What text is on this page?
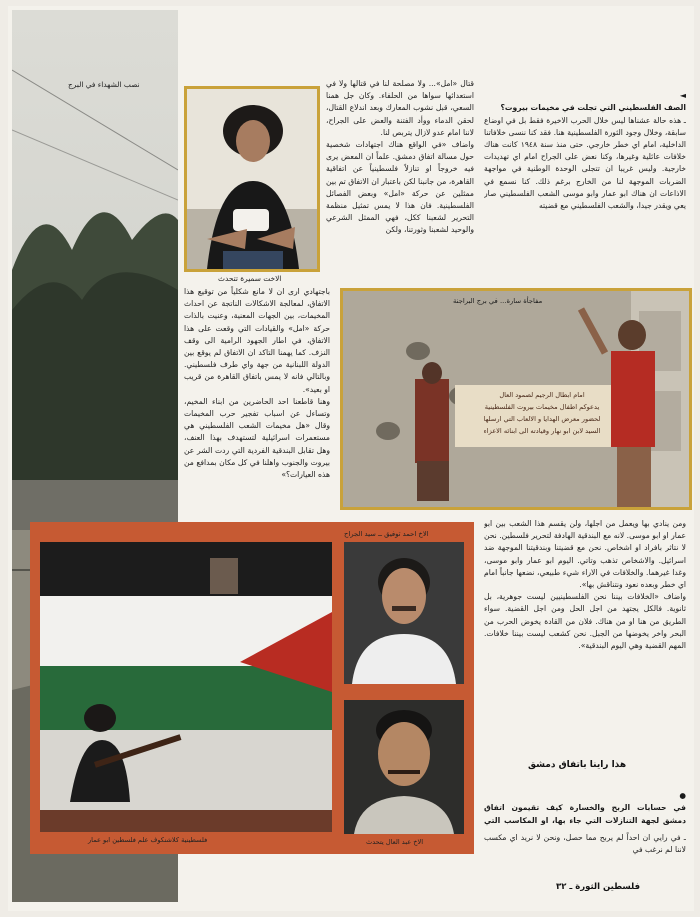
نصب الشهداء في البرج
الاخت سميرة تتحدث

◄
الصف الفلسطيني التي تجلت في مخيمات بيروت؟

ـ هذه حالة عشناها ليس خلال الحرب الاخيرة فقط بل في اوضاع سابقة، وخلال وجود الثورة الفلسطينية هنا. فقد كنا ننسى خلافاتنا الداخلية، امام اي خطر خارجي. حتى منذ سنة ١٩٤٨ كانت هناك خلافات عائلية وغيرها، وكنا نعض على الجراح امام اي تهديدات خارجية. وليس غريبا ان تتجلى الوحدة الوطنية في مواجهة الضربات الموجهة لنا من الخارج برغم ذلك. كنا نسمع في الاذاعات ان هناك ابو عمار وابو موسى الشعب الفلسطيني صار يعي ويقدر جيدا، والشعب الفلسطيني مع قضيته

قتال «امل»... ولا مصلحة لنا في قتالها ولا في استعدائها سواها من الحلفاء. وكان جل همنا السعي، قبل نشوب المعارك وبعد اندلاع القتال، لحقن الدماء ووأد الفتنة والعض على الجراح، لاننا امام عدو لازال يتربص لنا.
واضاف «في الواقع هناك اجتهادات شخصية حول مسالة اتفاق دمشق. علماً ان المعض يرى فيه خروجاً او تنازلاً فلسطينياً عن اتفاقية القاهرة، من جانبنا لكن باعتبار ان الاتفاق تم بين ممثلين عن حركة «امل» وبعض الفصائل الفلسطينية. فان هذا لا يمس تمثيل منظمة التحرير لشعبنا ككل، فهي الممثل الشرعي والوحيد لشعبنا وثورتنا، ولكن
باجتهادي ارى ان لا مانع شكلياً من توقيع هذا الاتفاق، لمعالجة الاشكالات الناتجة عن احداث المخيمات، بين الجهات المعنية، وعنيت بالذات حركة «امل» والقيادات التي وقعت على هذا الاتفاق، في اطار الجهود الرامية الى وقف النزف. كما يهمنا التاكد ان الاتفاق لم يوقع بين الدولة اللبنانية من جهة واي طرف فلسطيني. وبالتالي فانه لا يمس باتفاق القاهرة من قريب او بعيد».
وهنا قاطعنا احد الحاضرين من ابناء المخيم، وتساءل عن اسباب تفجير حرب المخيمات وقال «هل مخيمات الشعب الفلسطيني هي مستعمرات اسرائيلية لتستهدف بهذا العنف، وهل تقابل البندقية الفردية التي ردت الشر عن بيروت والجنوب واهلنا في كل مكان بمدافع من هذه العيارات؟»
امام ابطال الرجيم لصمود العال
يدعوكم اطفال مخيمات بيروت الفلسطينية
لحضور معرض الهدايا و الالعاب التي ارسلها
السيد لابن ابو نهار وقيادته الى ابنائه الاعزاء
مفاجأة سارة... في برج البراجنة
فلسطينية كلاشنكوف علم فلسطين ابو عمار
الاخ احمد توفيق ــ سيد الجراح
الاخ عبد العال يتحدث
ومن ينادي بها ويعمل من اجلها، ولن يقسم هذا الشعب بين ابو عمار او ابو موسى. لانه مع البندقية الهادفة لتحرير فلسطين. نحن لا نتاثر بافراد او اشخاص. نحن مع قضيتنا وبندقيتنا الموجهة ضد اسرائيل. والاشخاص تذهب وتاتي. اليوم ابو عمار وابو موسى، وغدا غيرهما. والخلافات في الاراء شيء طبيعي، نضعها جانباً امام اي خطر وبعده نعود ونتناقش بها».
واضاف «الخلافات بيننا نحن الفلسطينيين ليست جوهرية، بل ثانوية. فالكل يجتهد من اجل الحل ومن اجل القضية. سواء الطريق من هنا او من هناك. فلان من القادة يخوض الحرب من البحر واخر يخوضها من الجبل. نحن كشعب ليست بيننا خلافات. المهم القضية وهي اليوم البندقية».
هذا راينا باتفاق دمشق

●
في حسابات الربح والخسارة كيف تقيمون اتفاق دمشق لجهة التنازلات التي جاء بها، او المكاسب التي

ـ في رايي ان احداً لم يربح مما حصل، ونحن لا نريد اي مكسب لاننا لم نرغب في
فلسطين الثورة ـ ٣٢
